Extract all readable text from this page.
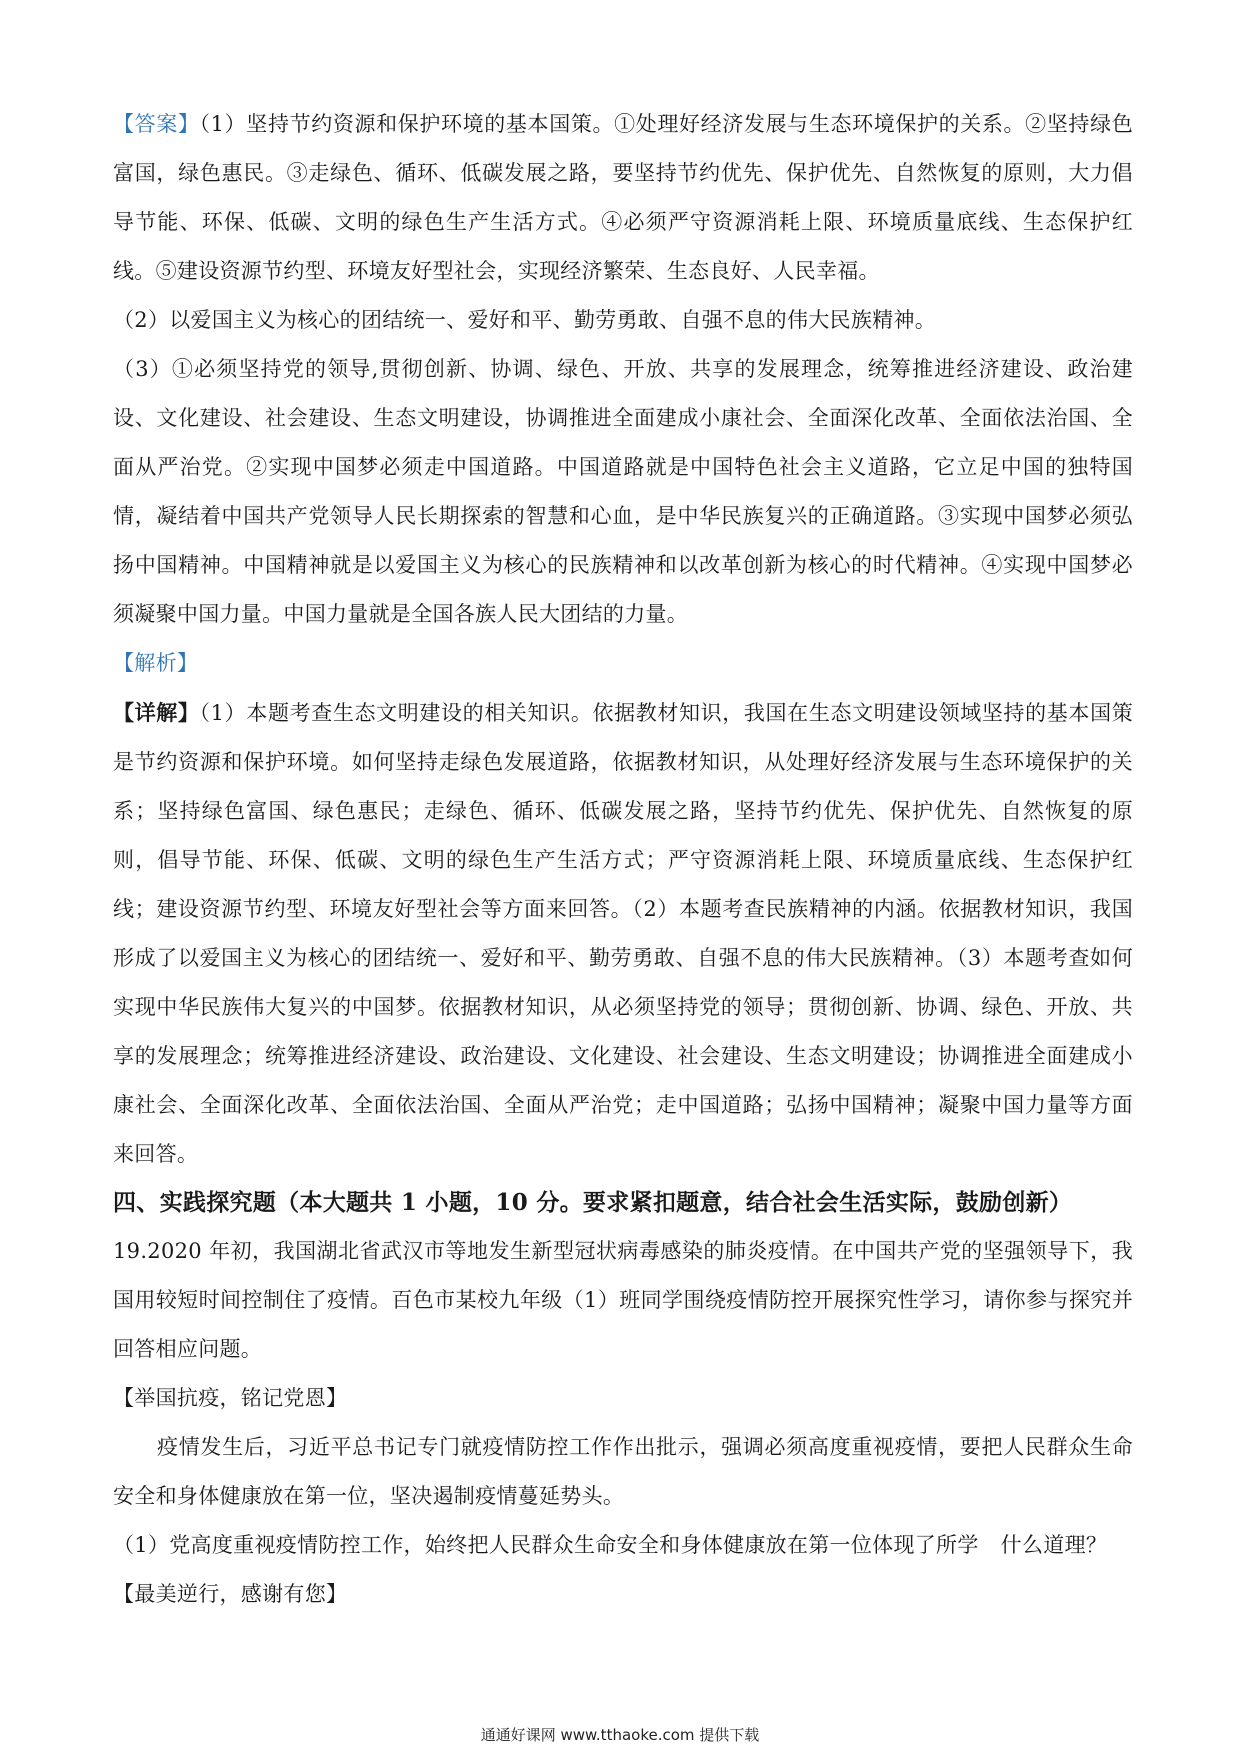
【答案】（1）坚持节约资源和保护环境的基本国策。①处理好经济发展与生态环境保护的关系。②坚持绿色富国，绿色惠民。③走绿色、循环、低碳发展之路，要坚持节约优先、保护优先、自然恢复的原则，大力倡导节能、环保、低碳、文明的绿色生产生活方式。④必须严守资源消耗上限、环境质量底线、生态保护红线。⑤建设资源节约型、环境友好型社会，实现经济繁荣、生态良好、人民幸福。

（2）以爱国主义为核心的团结统一、爱好和平、勤劳勇敢、自强不息的伟大民族精神。

（3）①必须坚持党的领导,贯彻创新、协调、绿色、开放、共享的发展理念，统筹推进经济建设、政治建设、文化建设、社会建设、生态文明建设，协调推进全面建成小康社会、全面深化改革、全面依法治国、全面从严治党。②实现中国梦必须走中国道路。中国道路就是中国特色社会主义道路，它立足中国的独特国情，凝结着中国共产党领导人民长期探索的智慧和心血，是中华民族复兴的正确道路。③实现中国梦必须弘扬中国精神。中国精神就是以爱国主义为核心的民族精神和以改革创新为核心的时代精神。④实现中国梦必须凝聚中国力量。中国力量就是全国各族人民大团结的力量。

【解析】

【详解】（1）本题考查生态文明建设的相关知识。依据教材知识，我国在生态文明建设领域坚持的基本国策是节约资源和保护环境。如何坚持走绿色发展道路，依据教材知识，从处理好经济发展与生态环境保护的关系；坚持绿色富国、绿色惠民；走绿色、循环、低碳发展之路，坚持节约优先、保护优先、自然恢复的原则，倡导节能、环保、低碳、文明的绿色生产生活方式；严守资源消耗上限、环境质量底线、生态保护红线；建设资源节约型、环境友好型社会等方面来回答。（2）本题考查民族精神的内涵。依据教材知识，我国形成了以爱国主义为核心的团结统一、爱好和平、勤劳勇敢、自强不息的伟大民族精神。（3）本题考查如何实现中华民族伟大复兴的中国梦。依据教材知识，从必须坚持党的领导；贯彻创新、协调、绿色、开放、共享的发展理念；统筹推进经济建设、政治建设、文化建设、社会建设、生态文明建设；协调推进全面建成小康社会、全面深化改革、全面依法治国、全面从严治党；走中国道路；弘扬中国精神；凝聚中国力量等方面来回答。

四、实践探究题（本大题共 1 小题，10 分。要求紧扣题意，结合社会生活实际，鼓励创新）

19.2020 年初，我国湖北省武汉市等地发生新型冠状病毒感染的肺炎疫情。在中国共产党的坚强领导下，我国用较短时间控制住了疫情。百色市某校九年级（1）班同学围绕疫情防控开展探究性学习，请你参与探究并回答相应问题。

【举国抗疫，铭记党恩】

疫情发生后，习近平总书记专门就疫情防控工作作出批示，强调必须高度重视疫情，要把人民群众生命安全和身体健康放在第一位，坚决遏制疫情蔓延势头。

（1）党高度重视疫情防控工作，始终把人民群众生命安全和身体健康放在第一位体现了所学 什么道理？

【最美逆行，感谢有您】

通通好课网 www.tthaoke.com 提供下载
